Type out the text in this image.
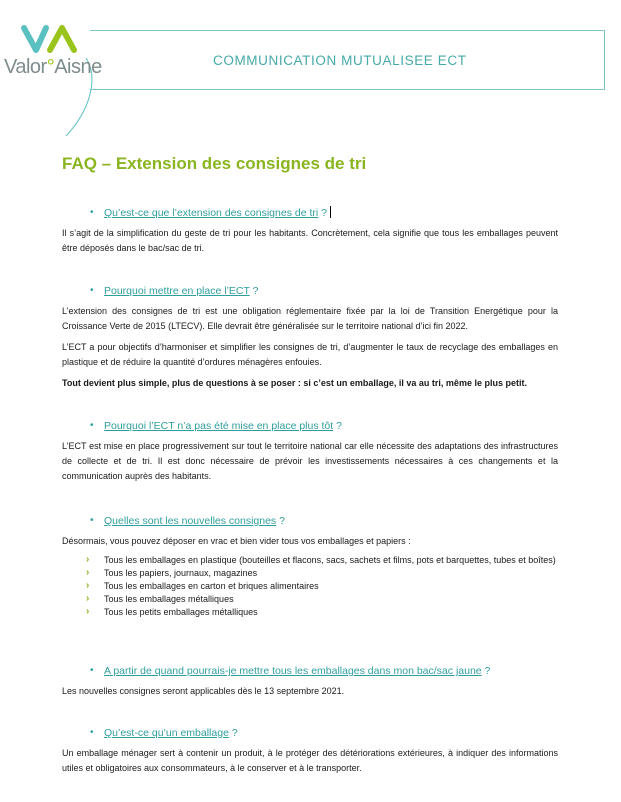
Valor°Aisne	COMMUNICATION MUTUALISEE ECT
FAQ – Extension des consignes de tri
• Qu’est-ce que l’extension des consignes de tri ?

Il s’agit de la simplification du geste de tri pour les habitants. Concrètement, cela signifie que tous les emballages peuvent être déposés dans le bac/sac de tri.

• Pourquoi mettre en place l’ECT ?

L’extension des consignes de tri est une obligation réglementaire fixée par la loi de Transition Energétique pour la Croissance Verte de 2015 (LTECV). Elle devrait être généralisée sur le territoire national d’ici fin 2022.

L’ECT a pour objectifs d’harmoniser et simplifier les consignes de tri, d’augmenter le taux de recyclage des emballages en plastique et de réduire la quantité d’ordures ménagères enfouies.

Tout devient plus simple, plus de questions à se poser : si c’est un emballage, il va au tri, même le plus petit.

• Pourquoi l’ECT n’a pas été mise en place plus tôt ?

L’ECT est mise en place progressivement sur tout le territoire national car elle nécessite des adaptations des infrastructures de collecte et de tri. Il est donc nécessaire de prévoir les investissements nécessaires à ces changements et la communication auprès des habitants.

• Quelles sont les nouvelles consignes ?

Désormais, vous pouvez déposer en vrac et bien vider tous vos emballages et papiers :

› Tous les emballages en plastique (bouteilles et flacons, sacs, sachets et films, pots et barquettes, tubes et boîtes)
› Tous les papiers, journaux, magazines
› Tous les emballages en carton et briques alimentaires
› Tous les emballages métalliques
› Tous les petits emballages métalliques
• A partir de quand pourrais-je mettre tous les emballages dans mon bac/sac jaune ?

Les nouvelles consignes seront applicables dès le 13 septembre 2021.

• Qu’est-ce qu’un emballage ?

Un emballage ménager sert à contenir un produit, à le protéger des détériorations extérieures, à indiquer des informations utiles et obligatoires aux consommateurs, à le conserver et à le transporter.
